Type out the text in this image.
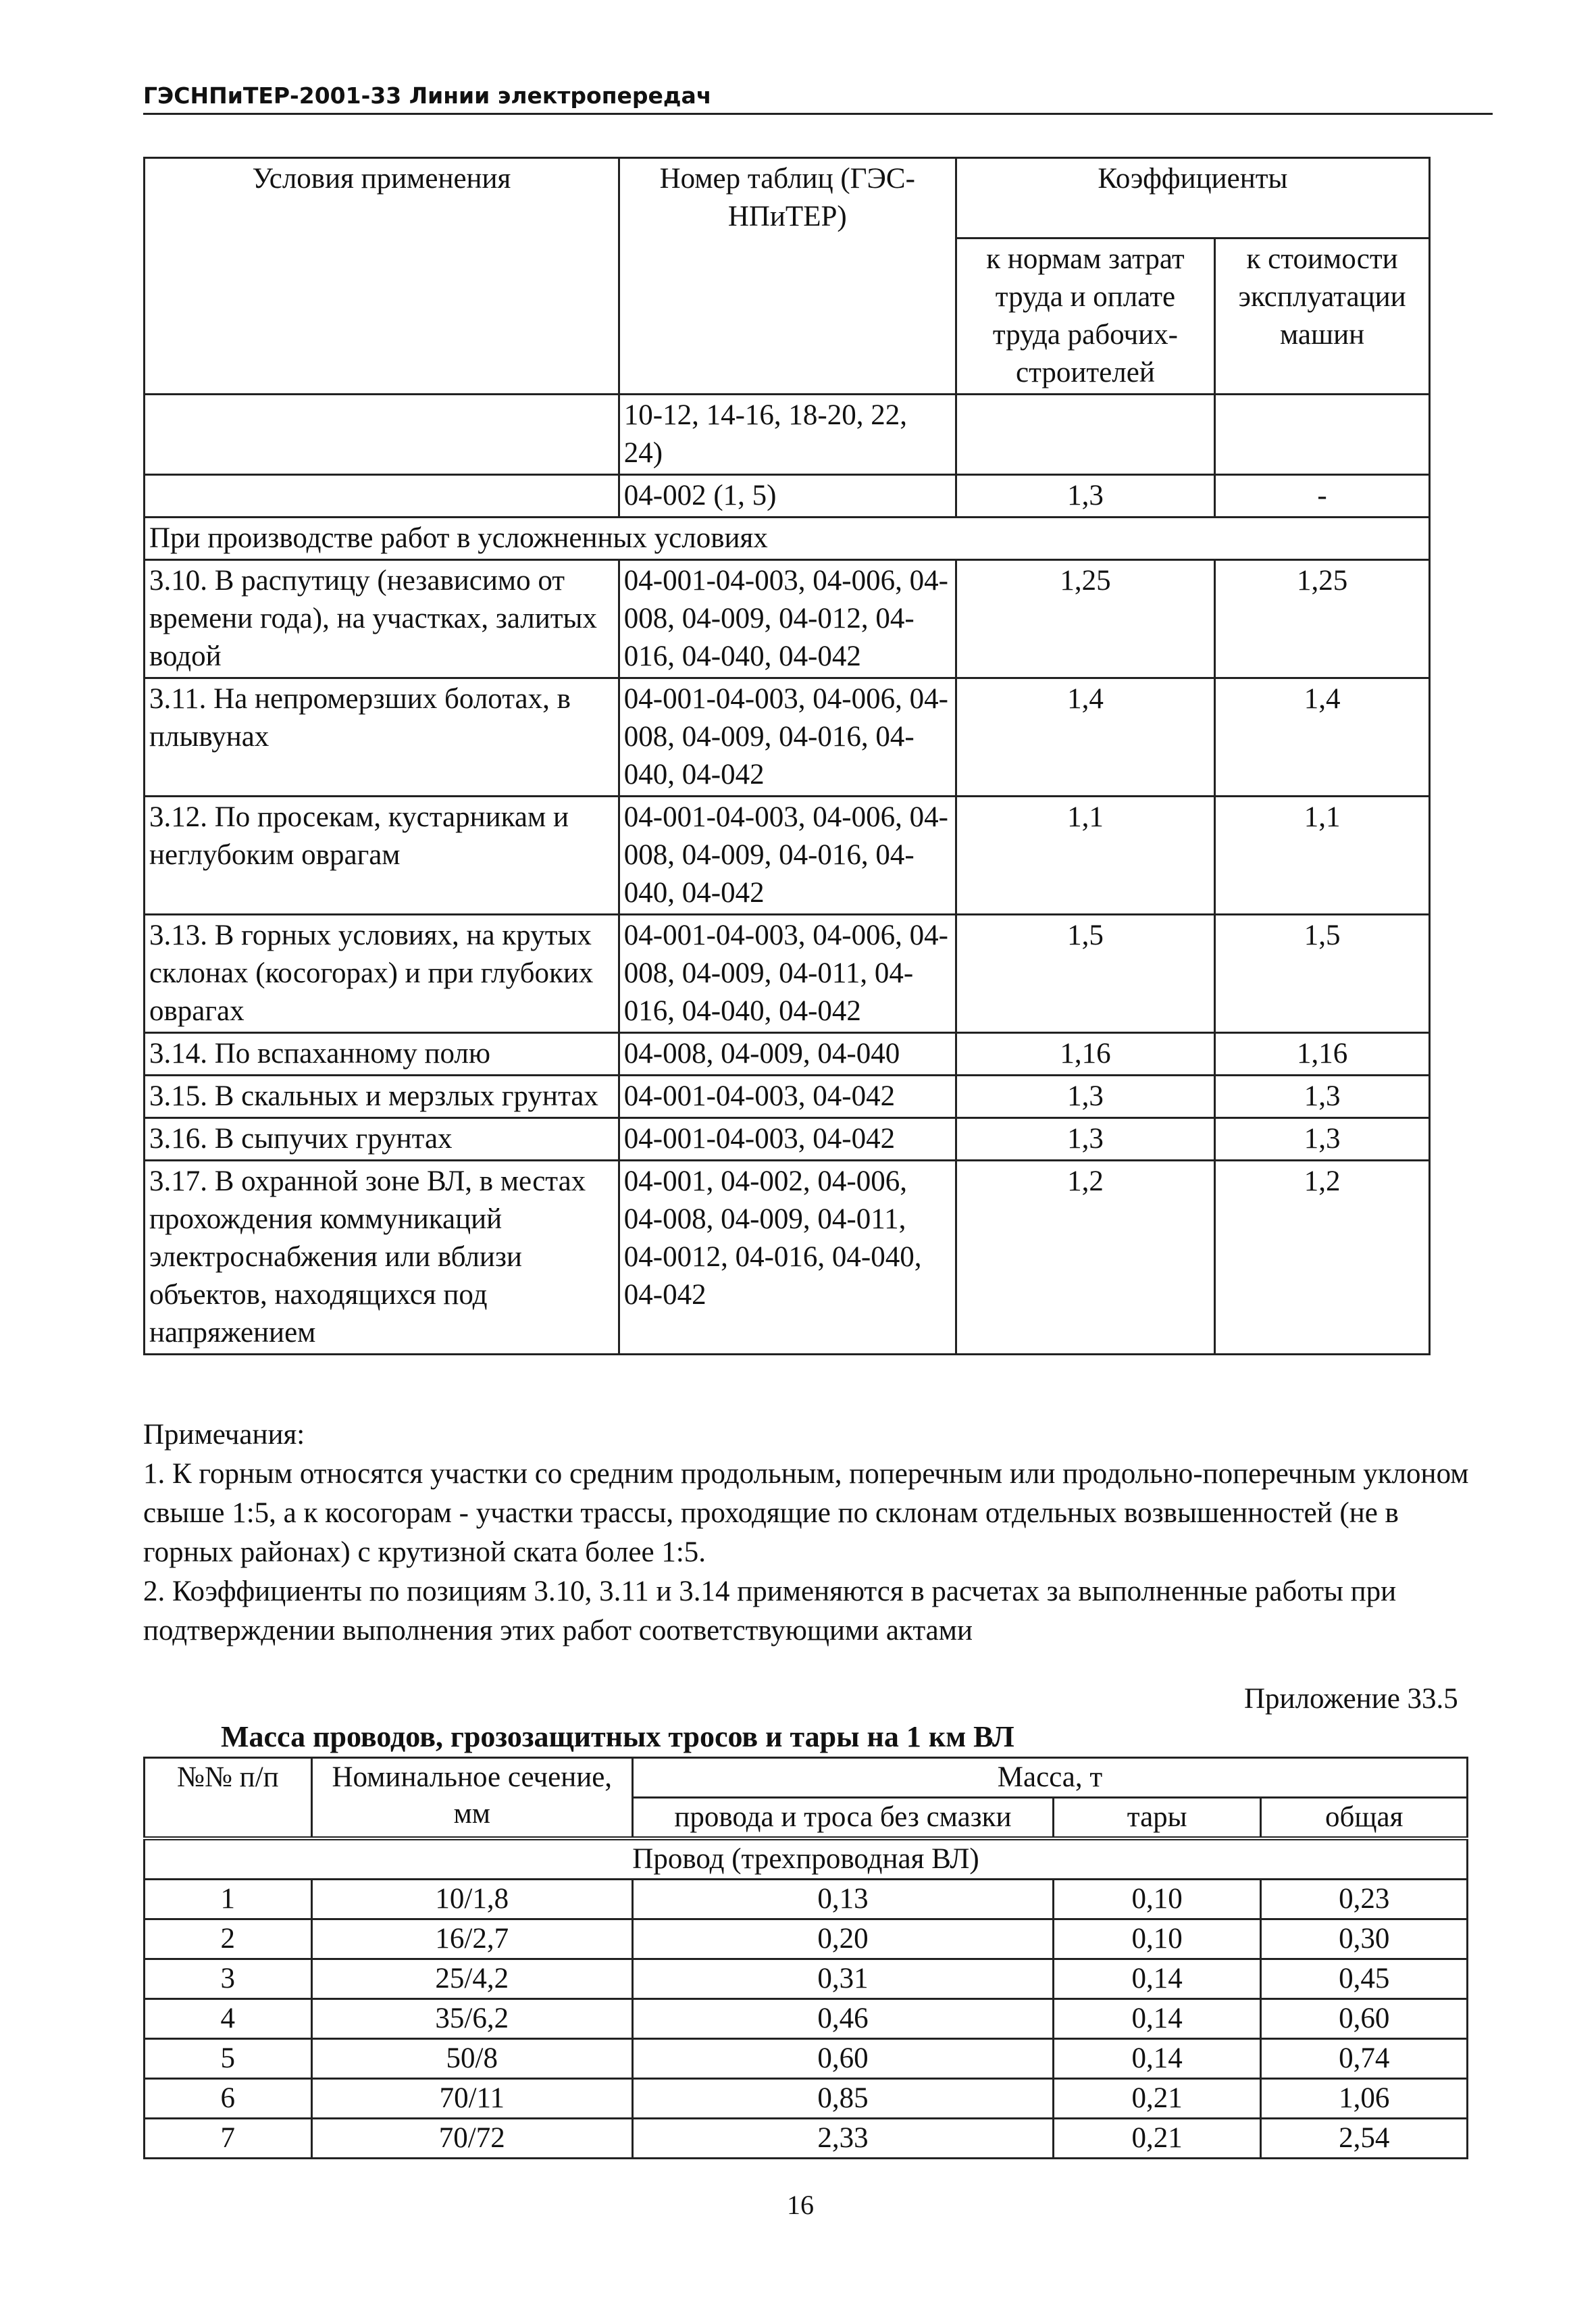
ГЭСНПиТЕР-2001-33 Линии электропередач
Условия применения	Номер таблиц (ГЭС-НПиТЕР)	Коэффициенты	
		к нормам затрат труда и оплате труда рабочих-строителей	к стоимости эксплуатации машин
	10-12, 14-16, 18-20, 22, 24)		
	04-002 (1, 5)	1,3	-
При производстве работ в усложненных условиях			
3.10. В распутицу (независимо от времени года), на участках, залитых водой	04-001-04-003, 04-006, 04-008, 04-009, 04-012, 04-016, 04-040, 04-042	1,25	1,25
3.11. На непромерзших болотах, в плывунах	04-001-04-003, 04-006, 04-008, 04-009, 04-016, 04-040, 04-042	1,4	1,4
3.12. По просекам, кустарникам и неглубоким оврагам	04-001-04-003, 04-006, 04-008, 04-009, 04-016, 04-040, 04-042	1,1	1,1
3.13. В горных условиях, на крутых склонах (косогорах) и при глубоких оврагах	04-001-04-003, 04-006, 04-008, 04-009, 04-011, 04-016, 04-040, 04-042	1,5	1,5
3.14. По вспаханному полю	04-008, 04-009, 04-040	1,16	1,16
3.15. В скальных и мерзлых грунтах	04-001-04-003, 04-042	1,3	1,3
3.16. В сыпучих грунтах	04-001-04-003, 04-042	1,3	1,3
3.17. В охранной зоне ВЛ, в местах прохождения коммуникаций электроснабжения или вблизи объектов, находящихся под напряжением	04-001, 04-002, 04-006, 04-008, 04-009, 04-011, 04-0012, 04-016, 04-040, 04-042	1,2	1,2

Примечания:

1. К горным относятся участки со средним продольным, поперечным или продольно-поперечным уклоном свыше 1:5, а к косогорам - участки трассы, проходящие по склонам отдельных возвышенностей (не в горных районах) с крутизной ската более 1:5.

2. Коэффициенты по позициям 3.10, 3.11 и 3.14 применяются в расчетах за выполненные работы при подтверждении выполнения этих работ соответствующими актами

Приложение 33.5
Масса проводов, грозозащитных тросов и тары на 1 км ВЛ
№№ п/п	Номинальное сечение, мм	Масса, т		
		провода и троса без смазки	тары	общая
Провод (трехпроводная ВЛ)				
1	10/1,8	0,13	0,10	0,23
2	16/2,7	0,20	0,10	0,30
3	25/4,2	0,31	0,14	0,45
4	35/6,2	0,46	0,14	0,60
5	50/8	0,60	0,14	0,74
6	70/11	0,85	0,21	1,06
7	70/72	2,33	0,21	2,54
16
